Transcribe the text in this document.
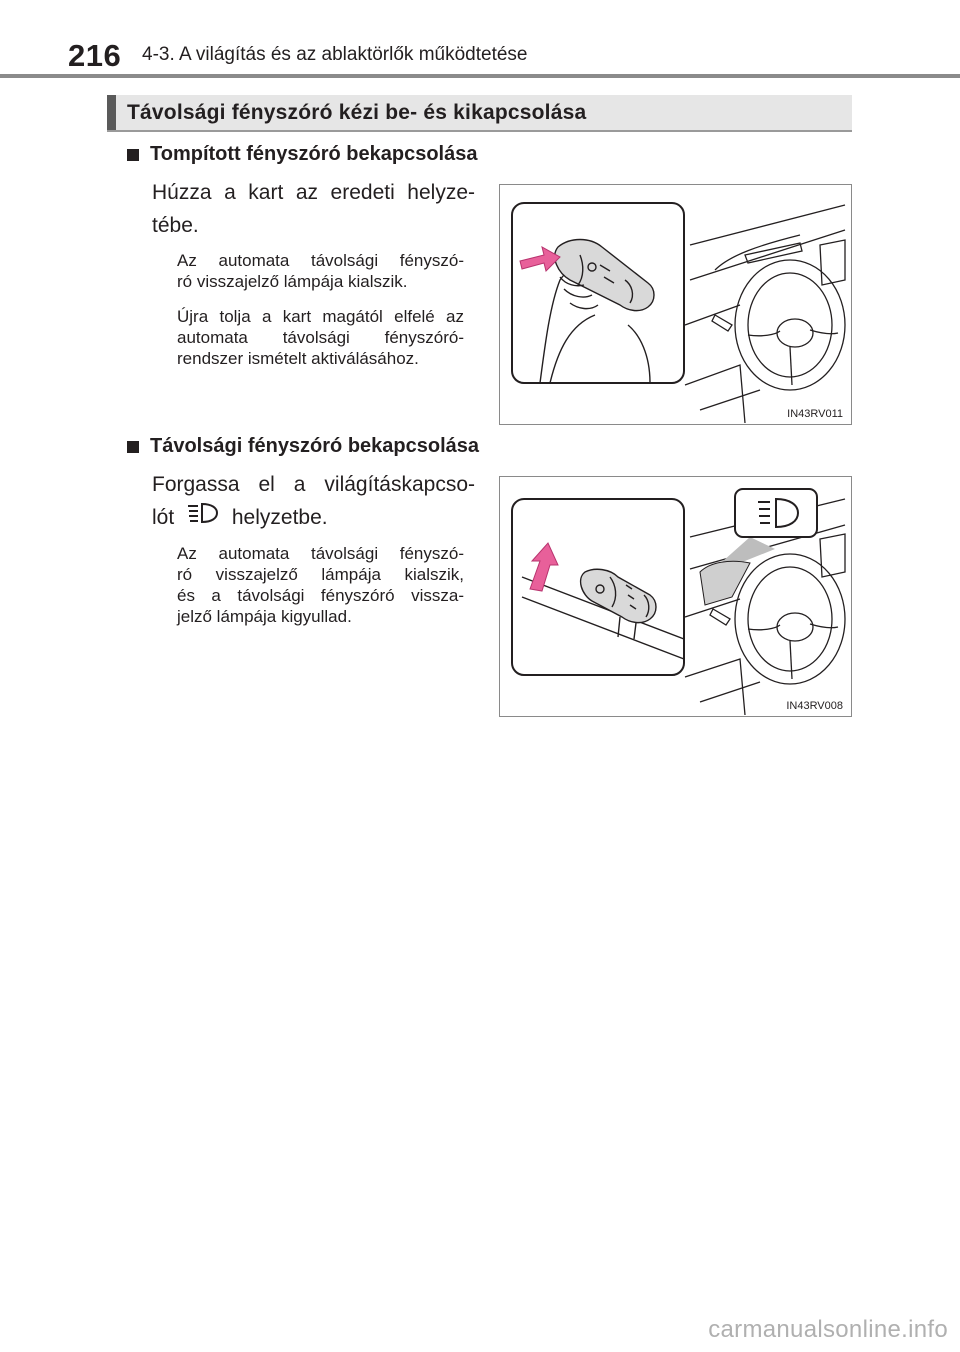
216 4-3. A világítás és az ablaktörlők működtetése
Távolsági fényszóró kézi be- és kikapcsolása
Tompított fényszóró bekapcsolása
Húzza a kart az eredeti helyze-
tébe.
Az automata távolsági fényszó-
ró visszajelző lámpája kialszik.
Újra tolja a kart magától elfelé az
automata távolsági fényszóró-
rendszer ismételt aktiválásához.
IN43RV011
Távolsági fényszóró bekapcsolása
Forgassa el a világításkapcso-
lót	helyzetbe.
Az automata távolsági fényszó-
ró visszajelző lámpája kialszik,
és a távolsági fényszóró vissza-
jelző lámpája kigyullad.
IN43RV008
carmanualsonline.info
